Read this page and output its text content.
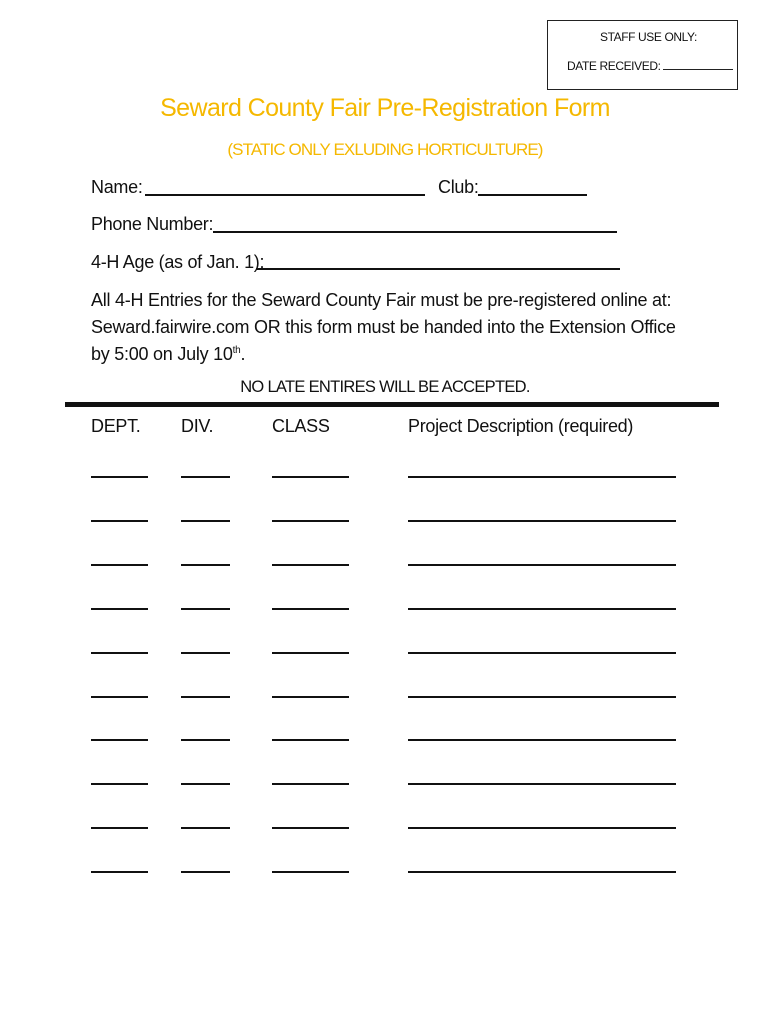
STAFF USE ONLY:
DATE RECEIVED:
Seward County Fair Pre-Registration Form
(STATIC ONLY EXLUDING HORTICULTURE)
Name:	Club:
Phone Number:
4-H Age (as of Jan. 1):
All 4-H Entries for the Seward County Fair must be pre-registered online at:
Seward.fairwire.com OR this form must be handed into the Extension Office
by 5:00 on July 10th.
NO LATE ENTIRES WILL BE ACCEPTED.
DEPT. DIV.	CLASS	Project Description (required)
